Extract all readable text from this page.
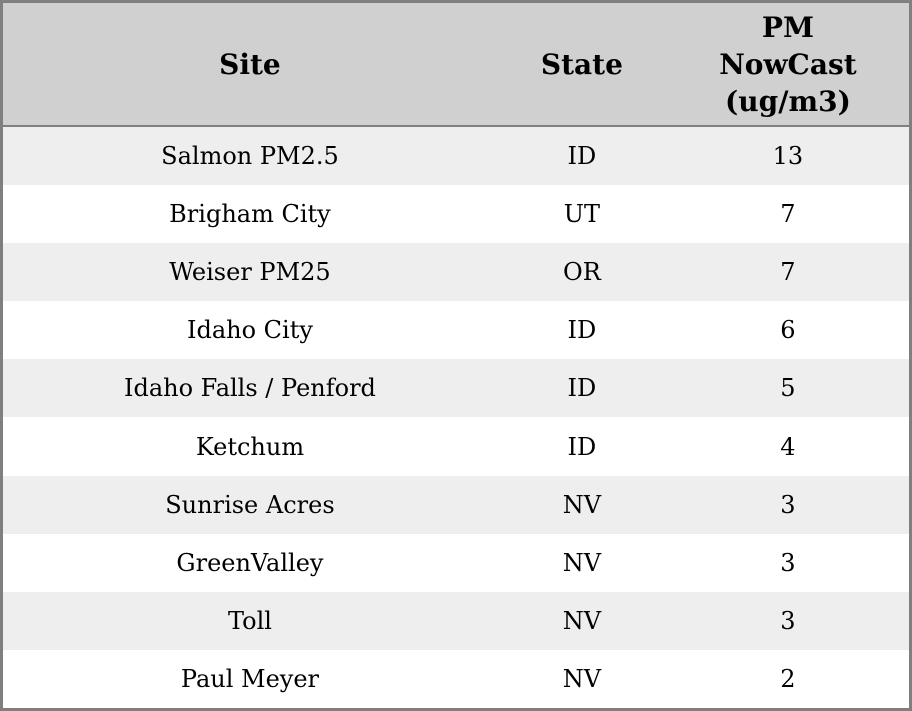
Site	State	PM
NowCast
(ug/m3)

Salmon PM2.5	ID	13
Brigham City	UT	7
Weiser PM25	OR	7
Idaho City	ID	6
Idaho Falls / Penford	ID	5
Ketchum	ID	4
Sunrise Acres	NV	3
GreenValley	NV	3
Toll	NV	3
Paul Meyer	NV	2
